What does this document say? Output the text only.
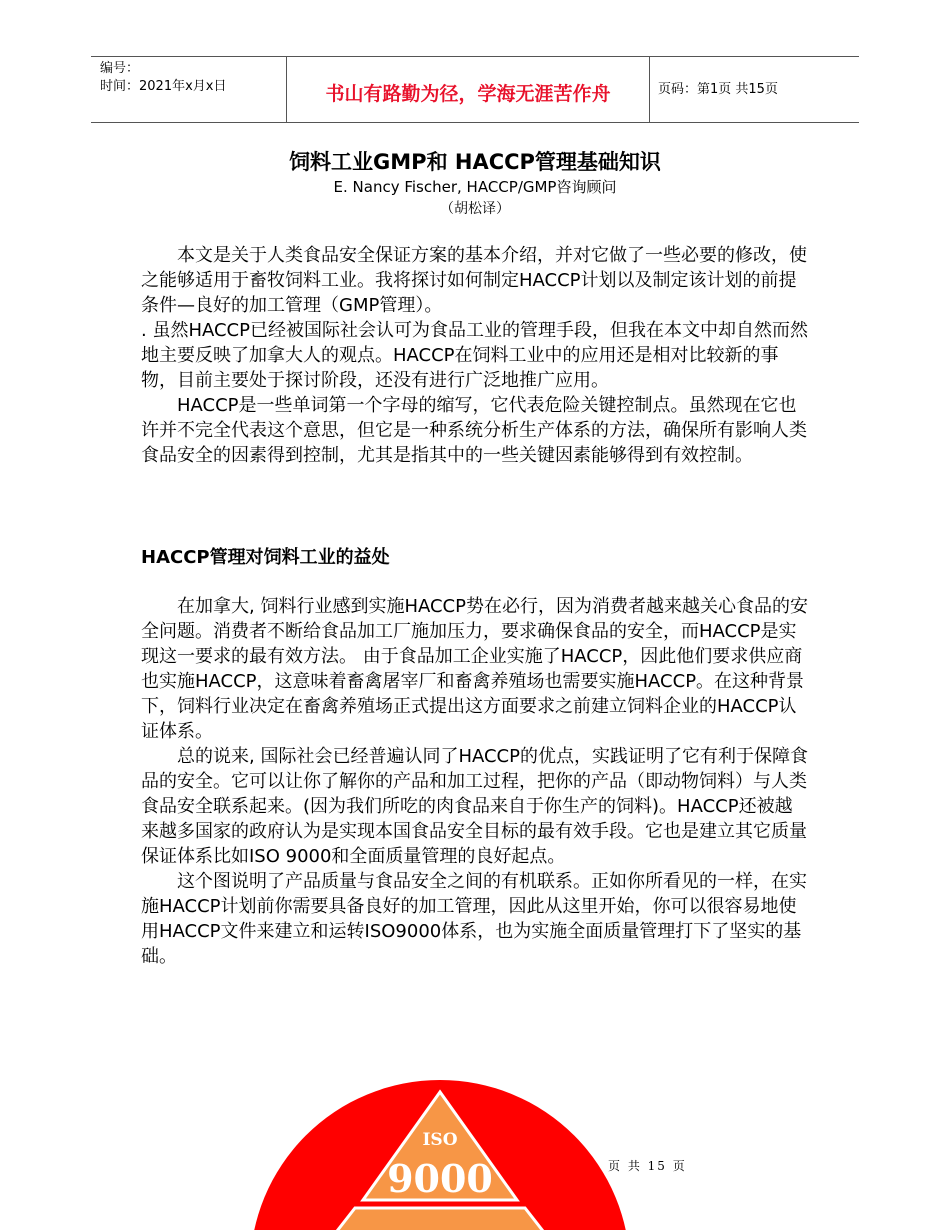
编号：
时间：2021年x月x日	书山有路勤为径，学海无涯苦作舟	页码：第1页 共15页
饲料工业GMP和 HACCP管理基础知识
E. Nancy Fischer, HACCP/GMP咨询顾问
（胡松译）

本文是关于人类食品安全保证方案的基本介绍，并对它做了一些必要的修改，使之能够适用于畜牧饲料工业。我将探讨如何制定HACCP计划以及制定该计划的前提条件—良好的加工管理（GMP管理）。

. 虽然HACCP已经被国际社会认可为食品工业的管理手段，但我在本文中却自然而然地主要反映了加拿大人的观点。HACCP在饲料工业中的应用还是相对比较新的事物，目前主要处于探讨阶段，还没有进行广泛地推广应用。

HACCP是一些单词第一个字母的缩写，它代表危险关键控制点。虽然现在它也许并不完全代表这个意思，但它是一种系统分析生产体系的方法，确保所有影响人类食品安全的因素得到控制，尤其是指其中的一些关键因素能够得到有效控制。

HACCP管理对饲料工业的益处

在加拿大, 饲料行业感到实施HACCP势在必行，因为消费者越来越关心食品的安全问题。消费者不断给食品加工厂施加压力，要求确保食品的安全，而HACCP是实现这一要求的最有效方法。 由于食品加工企业实施了HACCP，因此他们要求供应商也实施HACCP，这意味着畜禽屠宰厂和畜禽养殖场也需要实施HACCP。在这种背景下，饲料行业决定在畜禽养殖场正式提出这方面要求之前建立饲料企业的HACCP认证体系。

总的说来, 国际社会已经普遍认同了HACCP的优点，实践证明了它有利于保障食品的安全。它可以让你了解你的产品和加工过程，把你的产品（即动物饲料）与人类食品安全联系起来。(因为我们所吃的肉食品来自于你生产的饲料)。HACCP还被越来越多国家的政府认为是实现本国食品安全目标的最有效手段。它也是建立其它质量保证体系比如ISO 9000和全面质量管理的良好起点。

这个图说明了产品质量与食品安全之间的有机联系。正如你所看见的一样，在实施HACCP计划前你需要具备良好的加工管理，因此从这里开始，你可以很容易地使用HACCP文件来建立和运转ISO9000体系，也为实施全面质量管理打下了坚实的基础。

ISO
9000	页 共 15 页
